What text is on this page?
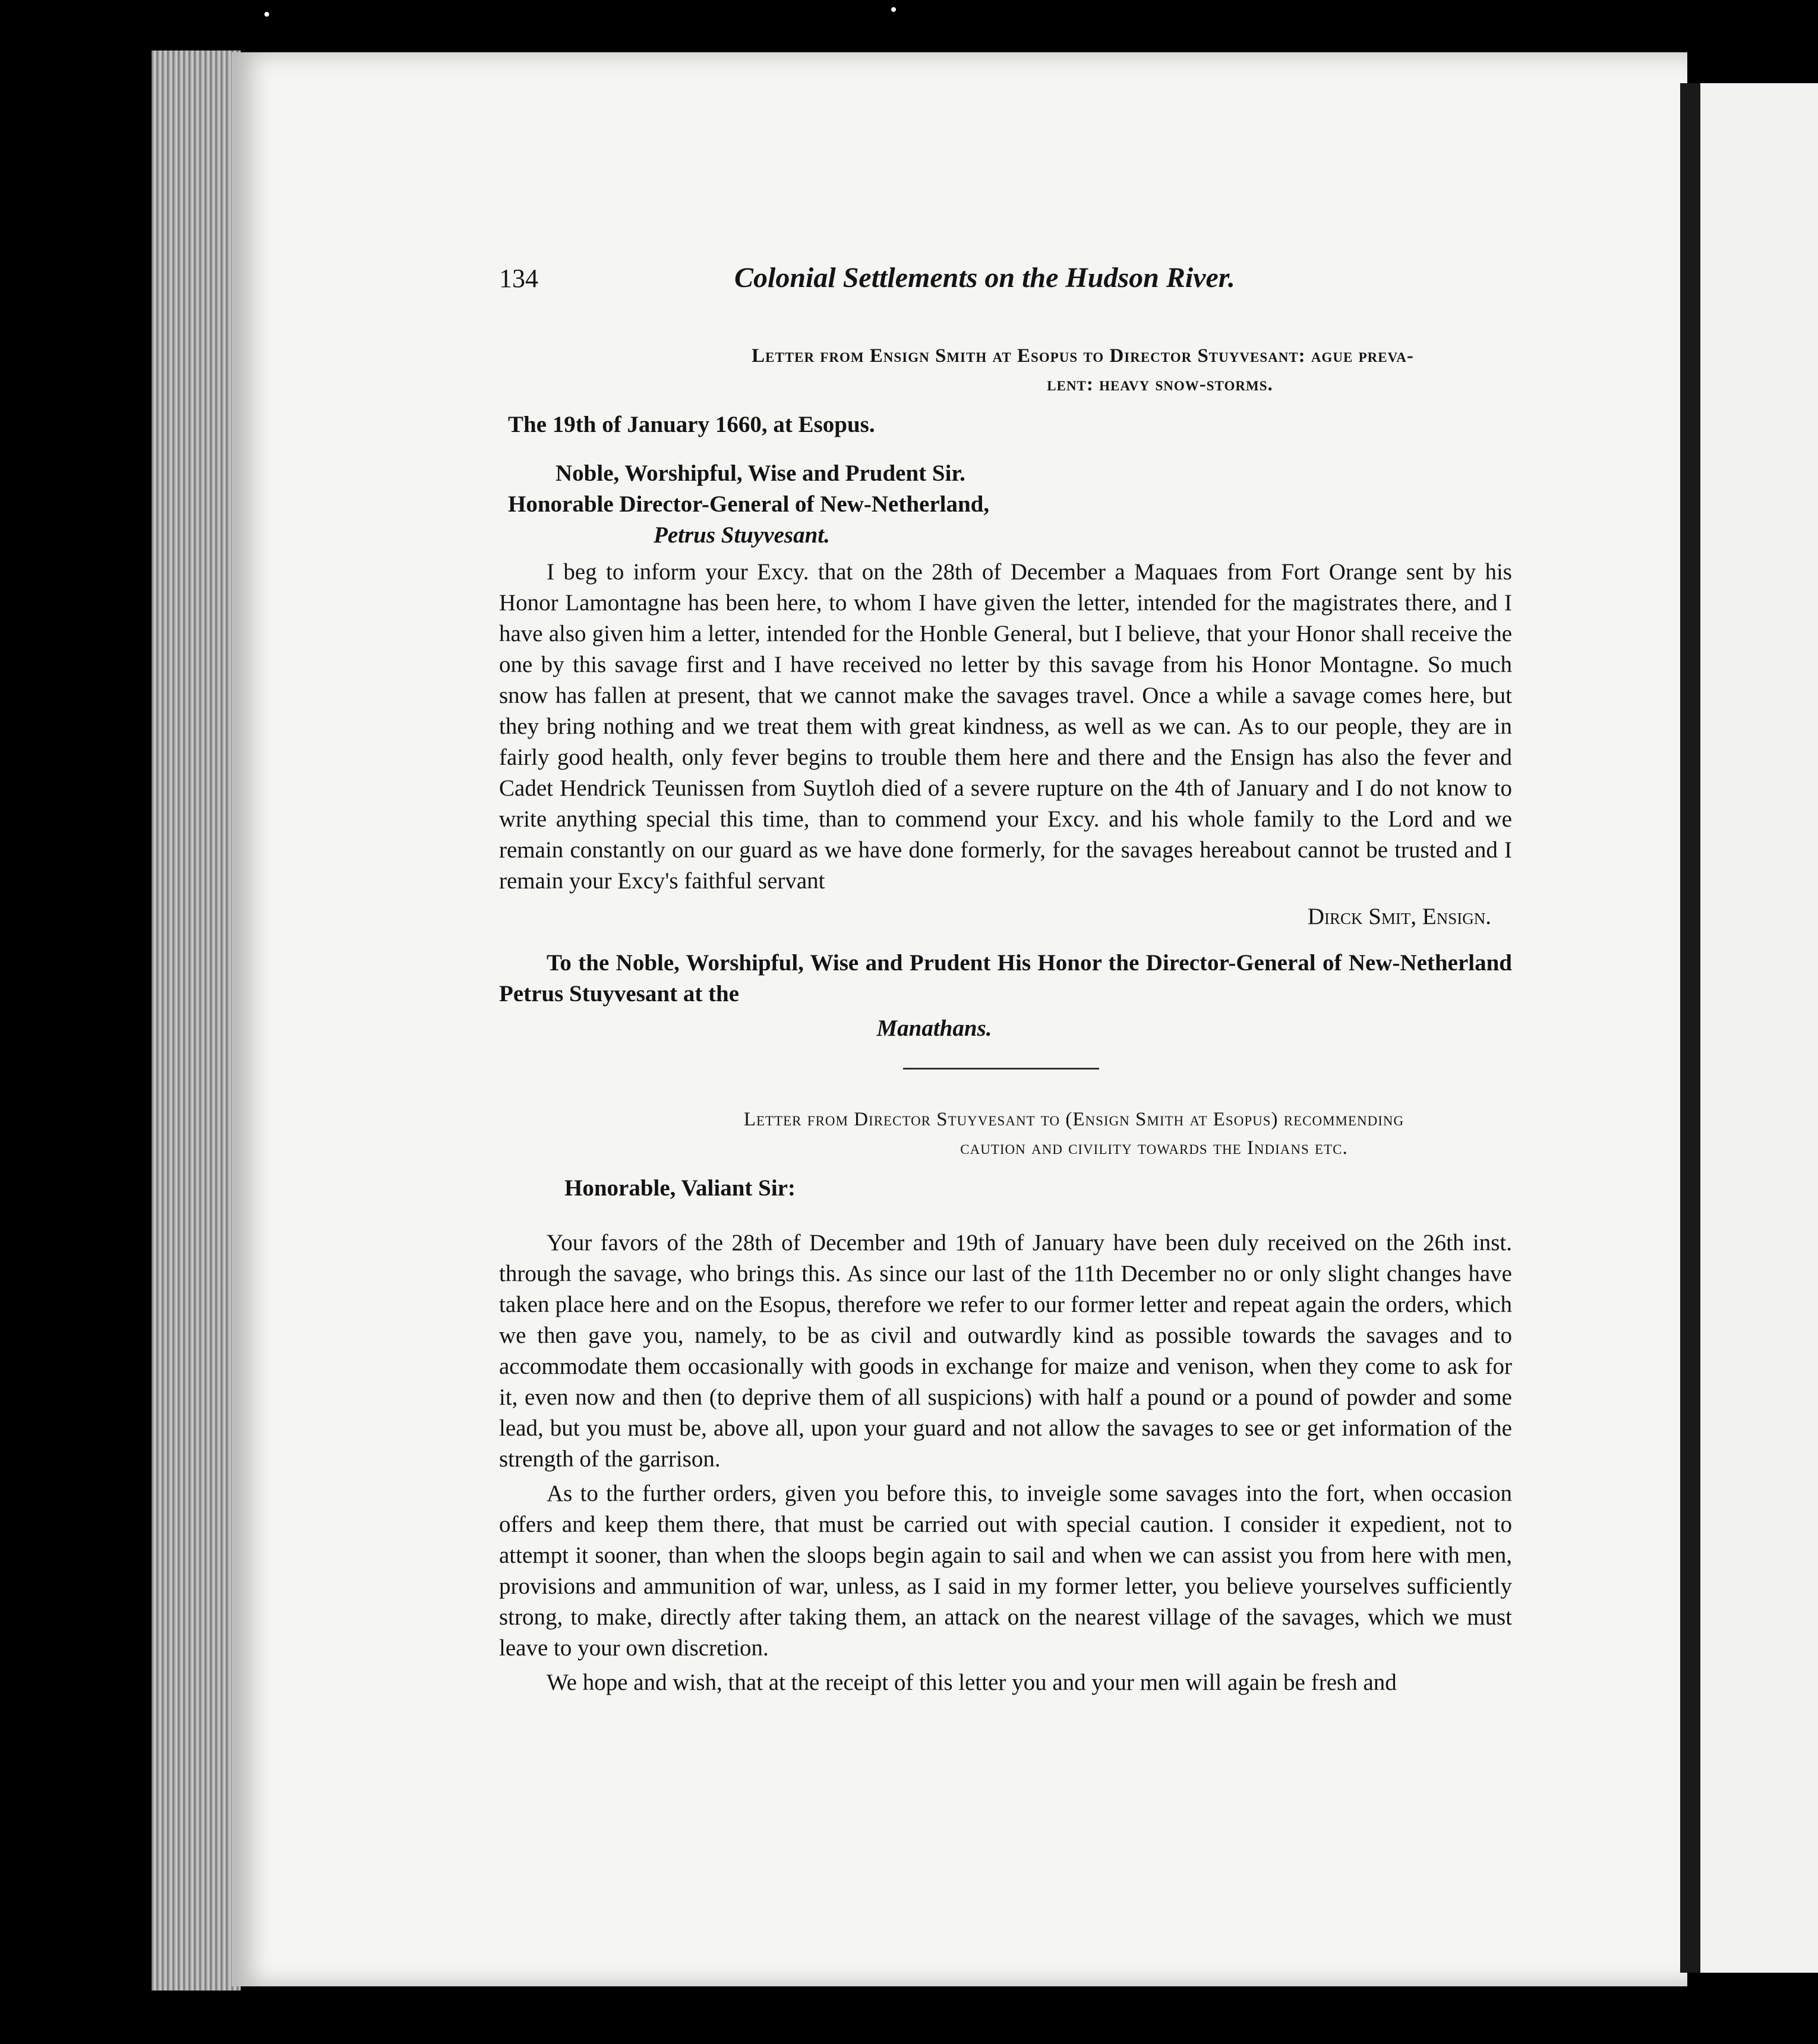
134	Colonial Settlements on the Hudson River.
Letter from Ensign Smith at Esopus to Director Stuyvesant: ague preva-
lent: heavy snow-storms.
The 19th of January 1660, at Esopus.
Noble, Worshipful, Wise and Prudent Sir.
Honorable Director-General of New-Netherland,
Petrus Stuyvesant.

I beg to inform your Excy. that on the 28th of December a Maquaes from Fort Orange sent by his Honor Lamontagne has been here, to whom I have given the letter, intended for the magistrates there, and I have also given him a letter, intended for the Honble General, but I believe, that your Honor shall receive the one by this savage first and I have received no letter by this savage from his Honor Montagne. So much snow has fallen at present, that we cannot make the savages travel. Once a while a savage comes here, but they bring nothing and we treat them with great kindness, as well as we can. As to our people, they are in fairly good health, only fever begins to trouble them here and there and the Ensign has also the fever and Cadet Hendrick Teunissen from Suytloh died of a severe rupture on the 4th of January and I do not know to write anything special this time, than to commend your Excy. and his whole family to the Lord and we remain constantly on our guard as we have done formerly, for the savages hereabout cannot be trusted and I remain your Excy's faithful servant

Dirck Smit, Ensign.

To the Noble, Worshipful, Wise and Prudent His Honor the Director-General of New-Netherland Petrus Stuyvesant at the

Manathans.
Letter from Director Stuyvesant to (Ensign Smith at Esopus) recommending
caution and civility towards the Indians etc.
Honorable, Valiant Sir:

Your favors of the 28th of December and 19th of January have been duly received on the 26th inst. through the savage, who brings this. As since our last of the 11th December no or only slight changes have taken place here and on the Esopus, therefore we refer to our former letter and repeat again the orders, which we then gave you, namely, to be as civil and outwardly kind as possible towards the savages and to accommodate them occasionally with goods in exchange for maize and venison, when they come to ask for it, even now and then (to deprive them of all suspicions) with half a pound or a pound of powder and some lead, but you must be, above all, upon your guard and not allow the savages to see or get information of the strength of the garrison.

As to the further orders, given you before this, to inveigle some savages into the fort, when occasion offers and keep them there, that must be carried out with special caution. I consider it expedient, not to attempt it sooner, than when the sloops begin again to sail and when we can assist you from here with men, provisions and ammunition of war, unless, as I said in my former letter, you believe yourselves sufficiently strong, to make, directly after taking them, an attack on the nearest village of the savages, which we must leave to your own discretion.

We hope and wish, that at the receipt of this letter you and your men will again be fresh and
